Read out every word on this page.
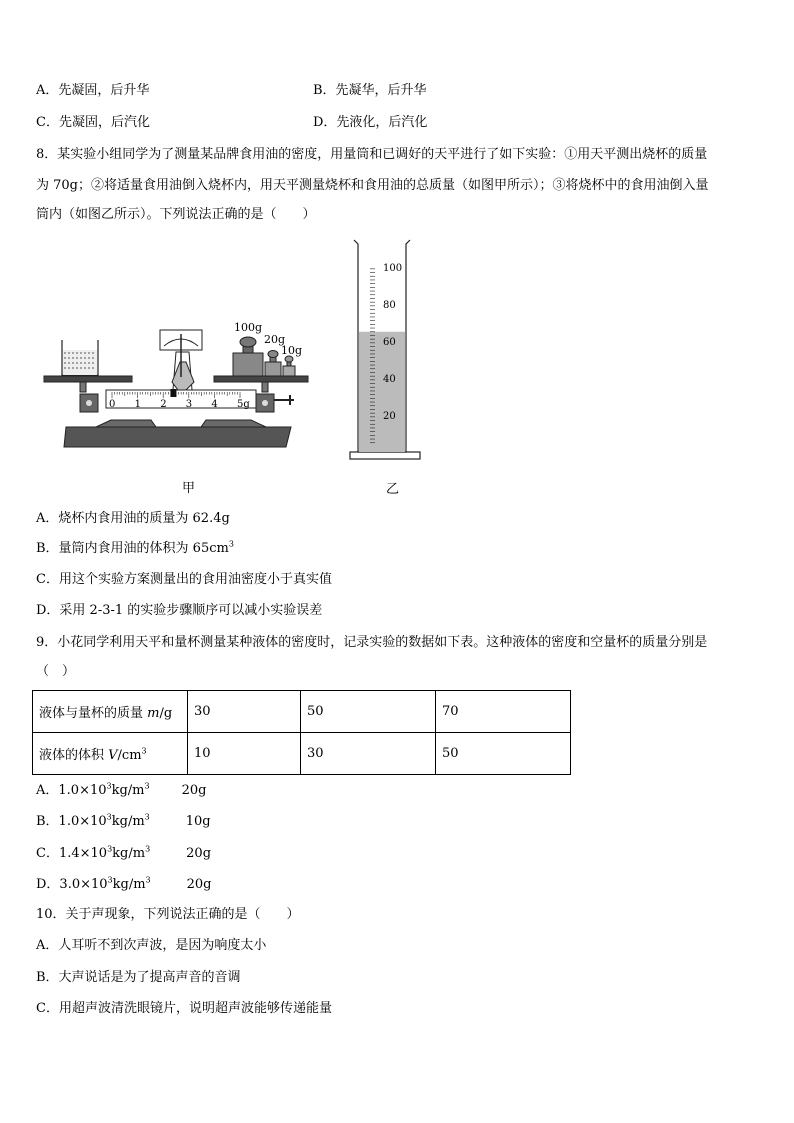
A．先凝固，后升华	B．先凝华，后升华
C．先凝固，后汽化	D．先液化，后汽化
8．某实验小组同学为了测量某品牌食用油的密度，用量筒和已调好的天平进行了如下实验：①用天平测出烧杯的质量
为 70g；②将适量食用油倒入烧杯内，用天平测量烧杯和食用油的总质量（如图甲所示）；③将烧杯中的食用油倒入量
筒内（如图乙所示）。下列说法正确的是（　　）
0 1 2 3 4 5g
100g
20g
10g
100
80
60
40
20
甲	乙
A．烧杯内食用油的质量为 62.4g
B．量筒内食用油的体积为 $65cm^3$
C．用这个实验方案测量出的食用油密度小于真实值
D．采用 2-3-1 的实验步骤顺序可以减小实验误差
9．小花同学利用天平和量杯测量某种液体的密度时，记录实验的数据如下表。这种液体的密度和空量杯的质量分别是
（　）
液体与量杯的质量 m/g	30	50	70
液体的体积 $V/cm^3$	10	30	50
A．$1.0\times 10^3kg/m^3$ 20g
B．$1.0\times 10^3kg/m^3$	10g
C．$1.4\times 10^3kg/m^3$	20g
D．$3.0\times 10^3kg/m^3$	20g
10．关于声现象，下列说法正确的是（　　）
A．人耳听不到次声波，是因为响度太小
B．大声说话是为了提高声音的音调
C．用超声波清洗眼镜片，说明超声波能够传递能量
